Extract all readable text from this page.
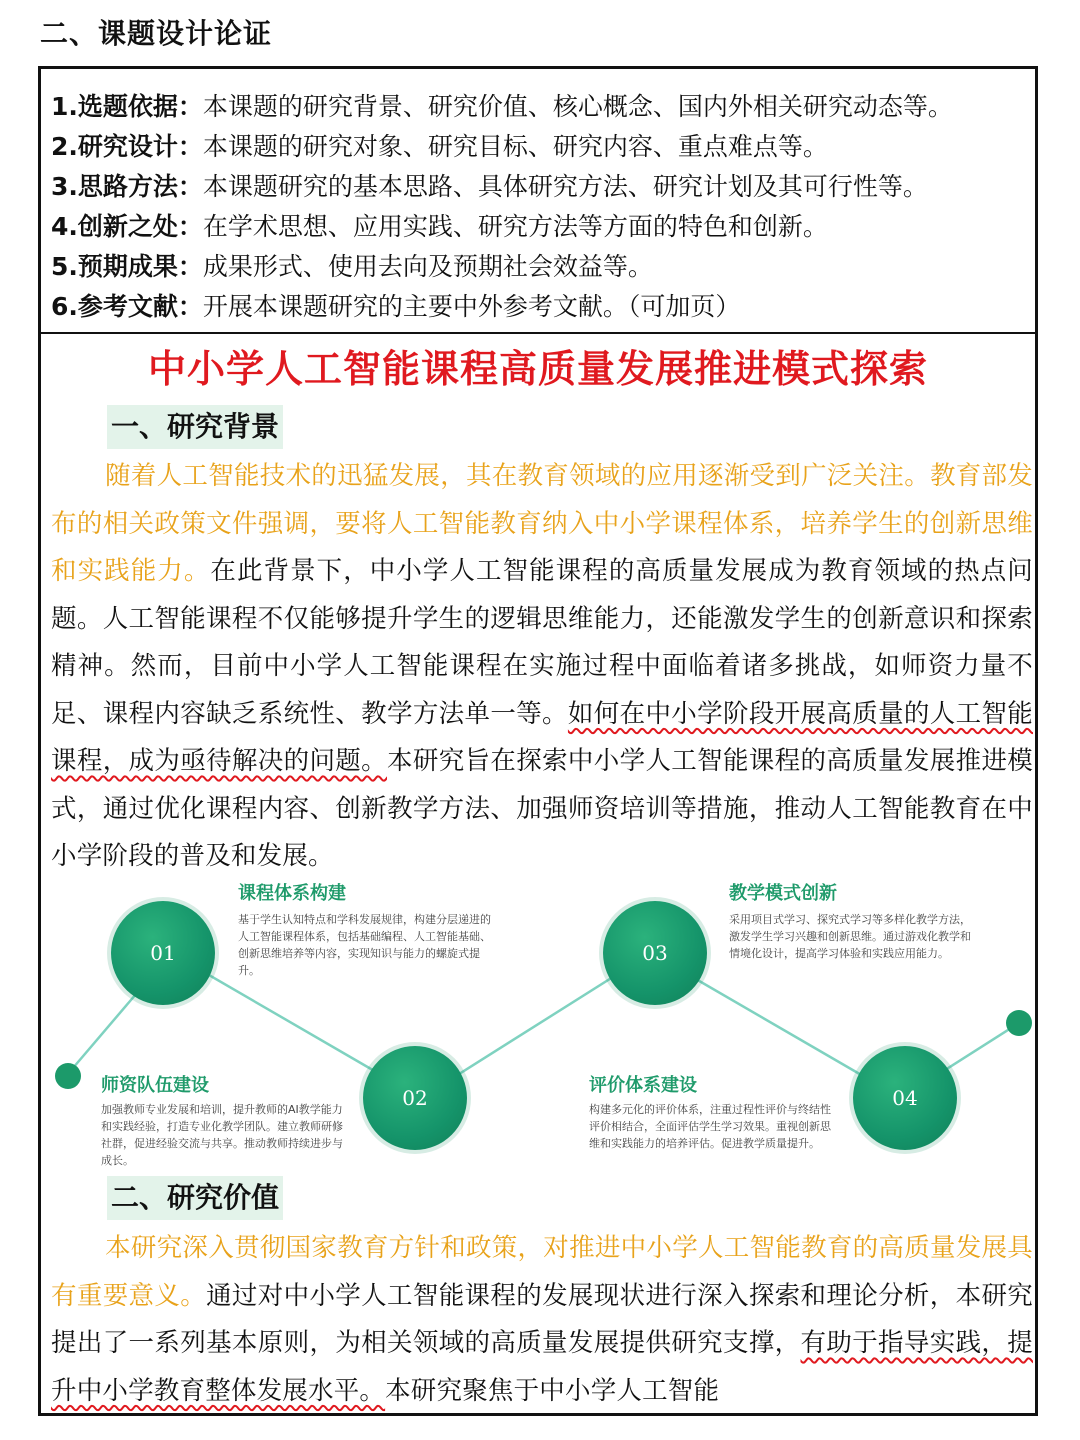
二、课题设计论证
1.选题依据：本课题的研究背景、研究价值、核心概念、国内外相关研究动态等。
2.研究设计：本课题的研究对象、研究目标、研究内容、重点难点等。
3.思路方法：本课题研究的基本思路、具体研究方法、研究计划及其可行性等。
4.创新之处：在学术思想、应用实践、研究方法等方面的特色和创新。
5.预期成果：成果形式、使用去向及预期社会效益等。
6.参考文献：开展本课题研究的主要中外参考文献。（可加页）
中小学人工智能课程高质量发展推进模式探索
一、研究背景
随着人工智能技术的迅猛发展，其在教育领域的应用逐渐受到广泛关注。教育部发布的相关政策文件强调，要将人工智能教育纳入中小学课程体系，培养学生的创新思维和实践能力。在此背景下，中小学人工智能课程的高质量发展成为教育领域的热点问题。人工智能课程不仅能够提升学生的逻辑思维能力，还能激发学生的创新意识和探索精神。然而，目前中小学人工智能课程在实施过程中面临着诸多挑战，如师资力量不足、课程内容缺乏系统性、教学方法单一等。如何在中小学阶段开展高质量的人工智能课程，成为亟待解决的问题。本研究旨在探索中小学人工智能课程的高质量发展推进模式，通过优化课程内容、创新教学方法、加强师资培训等措施，推动人工智能教育在中小学阶段的普及和发展。
01
02
03
04
课程体系构建
基于学生认知特点和学科发展规律，构建分层递进的人工智能课程体系，包括基础编程、人工智能基础、创新思维培养等内容，实现知识与能力的螺旋式提升。
师资队伍建设
加强教师专业发展和培训，提升教师的AI教学能力和实践经验，打造专业化教学团队。建立教师研修社群，促进经验交流与共享。推动教师持续进步与成长。
教学模式创新
采用项目式学习、探究式学习等多样化教学方法，激发学生学习兴趣和创新思维。通过游戏化教学和情境化设计，提高学习体验和实践应用能力。
评价体系建设
构建多元化的评价体系，注重过程性评价与终结性评价相结合，全面评估学生学习效果。重视创新思维和实践能力的培养评估。促进教学质量提升。
二、研究价值
本研究深入贯彻国家教育方针和政策，对推进中小学人工智能教育的高质量发展具有重要意义。通过对中小学人工智能课程的发展现状进行深入探索和理论分析，本研究提出了一系列基本原则，为相关领域的高质量发展提供研究支撑，有助于指导实践，提升中小学教育整体发展水平。本研究聚焦于中小学人工智能
